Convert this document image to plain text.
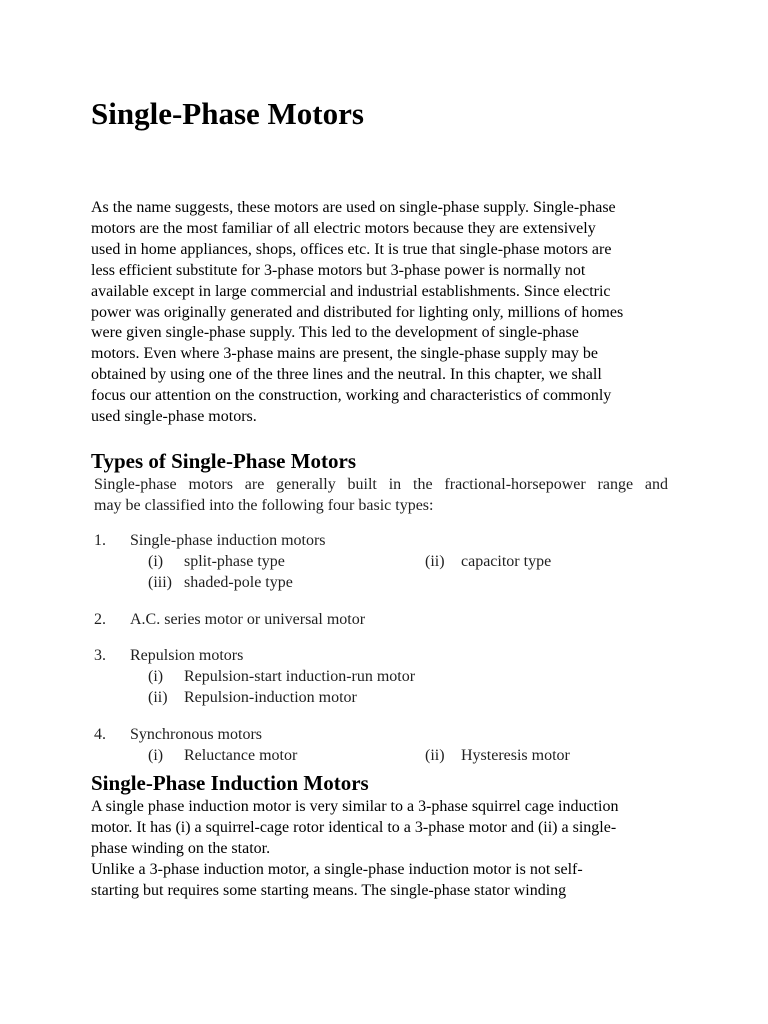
Single-Phase Motors

As the name suggests, these motors are used on single-phase supply. Single-phase
motors are the most familiar of all electric motors because they are extensively
used in home appliances, shops, offices etc. It is true that single-phase motors are
less efficient substitute for 3-phase motors but 3-phase power is normally not
available except in large commercial and industrial establishments. Since electric
power was originally generated and distributed for lighting only, millions of homes
were given single-phase supply. This led to the development of single-phase
motors. Even where 3-phase mains are present, the single-phase supply may be
obtained by using one of the three lines and the neutral. In this chapter, we shall
focus our attention on the construction, working and characteristics of commonly
used single-phase motors.

Types of Single-Phase Motors

Single-phase motors are generally built in the fractional-horsepower range and
may be classified into the following four basic types:

1. Single-phase induction motors
(i) split-phase type	(ii) capacitor type
(iii) shaded-pole type
2. A.C. series motor or universal motor
3. Repulsion motors
(i) Repulsion-start induction-run motor
(ii) Repulsion-induction motor
4. Synchronous motors
(i) Reluctance motor	(ii) Hysteresis motor
Single-Phase Induction Motors

A single phase induction motor is very similar to a 3-phase squirrel cage induction
motor. It has (i) a squirrel-cage rotor identical to a 3-phase motor and (ii) a single-
phase winding on the stator.
Unlike a 3-phase induction motor, a single-phase induction motor is not self-
starting but requires some starting means. The single-phase stator winding
